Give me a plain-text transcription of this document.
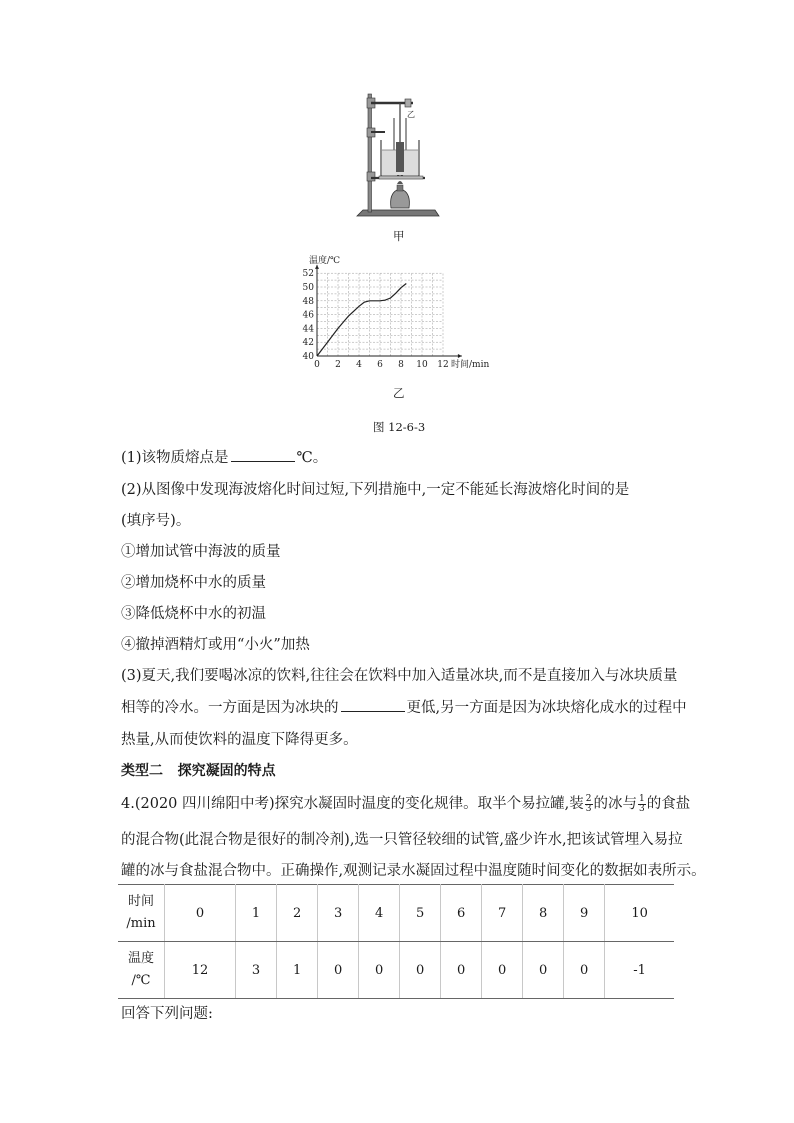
乙
甲
0 2 4 6 8 10 12
40
42
44
46
48
50
52
温度/℃
时间/min
乙
图 12-6-3
(1)该物质熔点是	℃。
(2)从图像中发现海波熔化时间过短,下列措施中,一定不能延长海波熔化时间的是
(填序号)。
①增加试管中海波的质量
②增加烧杯中水的质量
③降低烧杯中水的初温
④撤掉酒精灯或用“小火”加热
(3)夏天,我们要喝冰凉的饮料,往往会在饮料中加入适量冰块,而不是直接加入与冰块质量
相等的冷水。一方面是因为冰块的	更低,另一方面是因为冰块熔化成水的过程中
热量,从而使饮料的温度下降得更多。
类型二   探究凝固的特点
4.(2020 四川绵阳中考)探究水凝固时温度的变化规律。取半个易拉罐,装 $\frac{2}{3}$ 的冰与 $\frac{1}{3}$ 的食盐
的混合物(此混合物是很好的制冷剂),选一只管径较细的试管,盛少许水,把该试管埋入易拉
罐的冰与食盐混合物中。正确操作,观测记录水凝固过程中温度随时间变化的数据如表所示。
时间
/min	0	1	2	3	4	5	6	7	8	9	10
温度
/℃	12	3	1	0	0	0	0	0	0	0	-1
回答下列问题:
